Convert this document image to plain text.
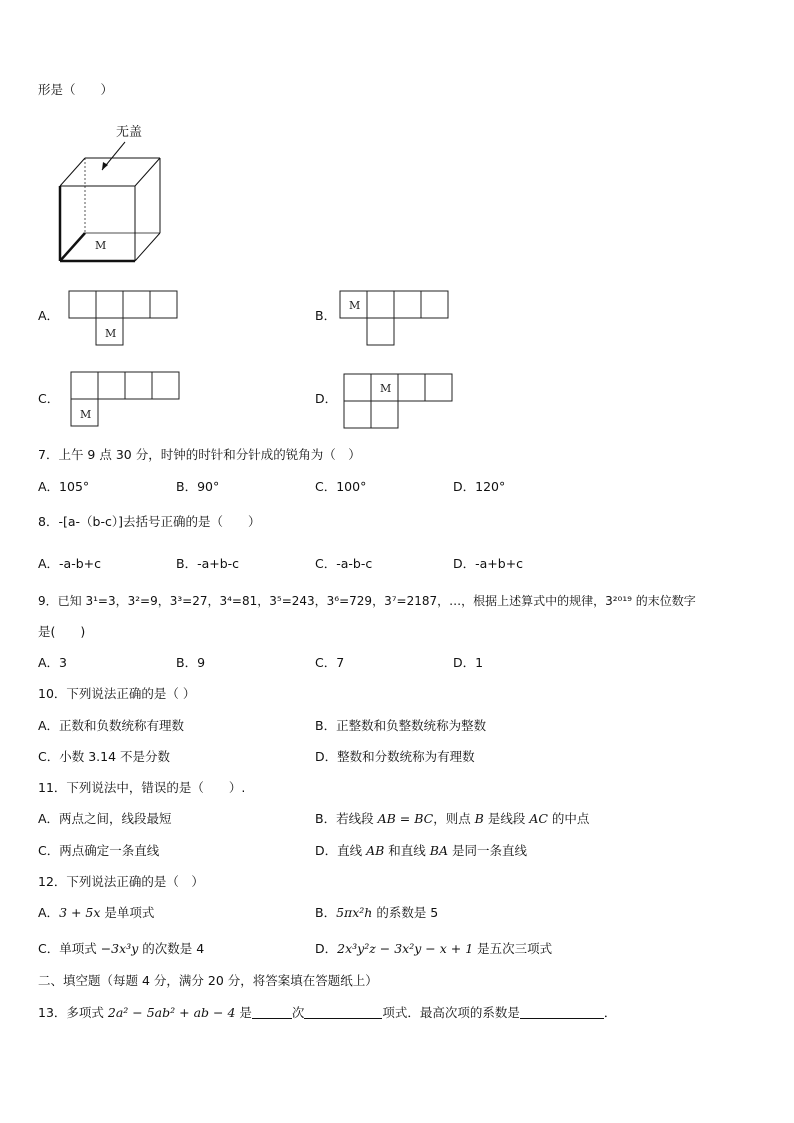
形是（　　）
无盖
M
A．
M
B．
M
C．
M
D．
M
7．上午 9 点 30 分，时钟的时针和分针成的锐角为（　）
A．105°	B．90°	C．100°	D．120°
8．-[a-（b-c）]去括号正确的是（　　）
A．-a-b+c	B．-a+b-c	C．-a-b-c	D．-a+b+c
9．已知 3¹=3，3²=9，3³=27，3⁴=81，3⁵=243，3⁶=729，3⁷=2187，…，根据上述算式中的规律，3²⁰¹⁹ 的末位数字
是(　　)
A．3	B．9	C．7	D．1
10．下列说法正确的是（ ）
A．正数和负数统称有理数	B．正整数和负整数统称为整数
C．小数 3.14 不是分数	D．整数和分数统称为有理数
11．下列说法中，错误的是（　　）.
A．两点之间，线段最短	B．若线段 AB = BC，则点 B 是线段 AC 的中点
C．两点确定一条直线	D．直线 AB 和直线 BA 是同一条直线
12．下列说法正确的是（　）
A．3 + 5x 是单项式	B．5πx²h 的系数是 5
C．单项式 −3x³y 的次数是 4	D．2x³y²z − 3x²y − x + 1 是五次三项式
二、填空题（每题 4 分，满分 20 分，将答案填在答题纸上）
13．多项式 2a² − 5ab² + ab − 4 是	次	项式．最高次项的系数是	．
